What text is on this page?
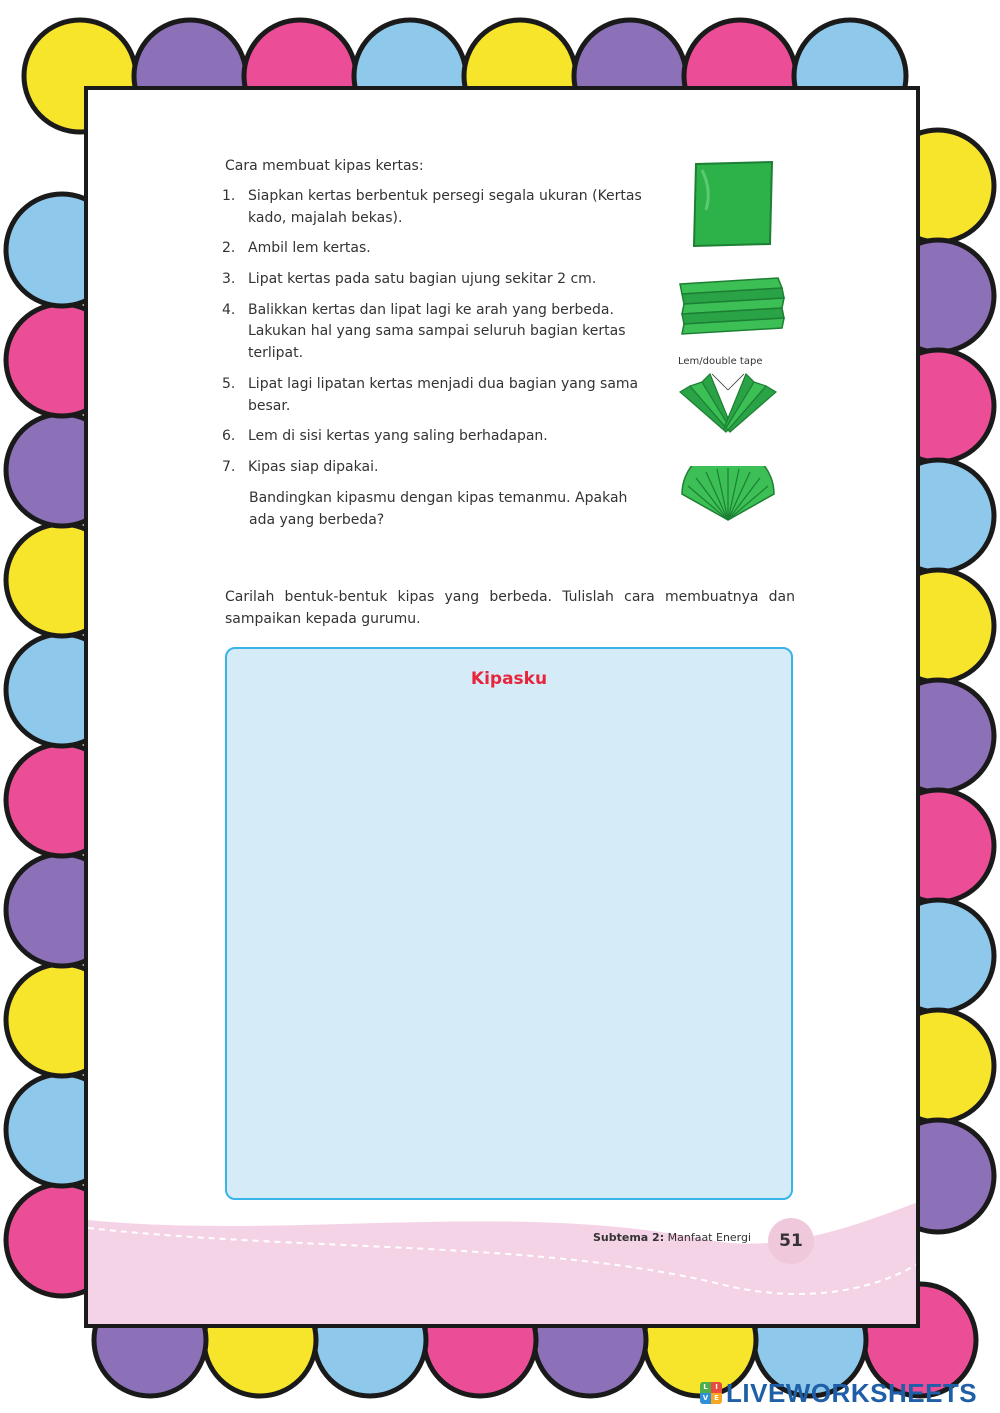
Cara membuat kipas kertas:
1. Siapkan kertas berbentuk persegi segala ukuran (Kertas kado, majalah bekas).
2. Ambil lem kertas.
3. Lipat kertas pada satu bagian ujung sekitar 2 cm.
4. Balikkan kertas dan lipat lagi ke arah yang berbeda. Lakukan hal yang sama sampai seluruh bagian kertas terlipat.
5. Lipat lagi lipatan kertas menjadi dua bagian yang sama besar.
6. Lem di sisi kertas yang saling berhadapan.
7. Kipas siap dipakai.
Bandingkan kipasmu dengan kipas temanmu. Apakah ada yang berbeda?
Lem/double tape
Carilah bentuk-bentuk kipas yang berbeda. Tulislah cara membuatnya dan sampaikan kepada gurumu.
Kipasku
Subtema 2: Manfaat Energi	51
L	I
V E LIVEWORKSHEETS
